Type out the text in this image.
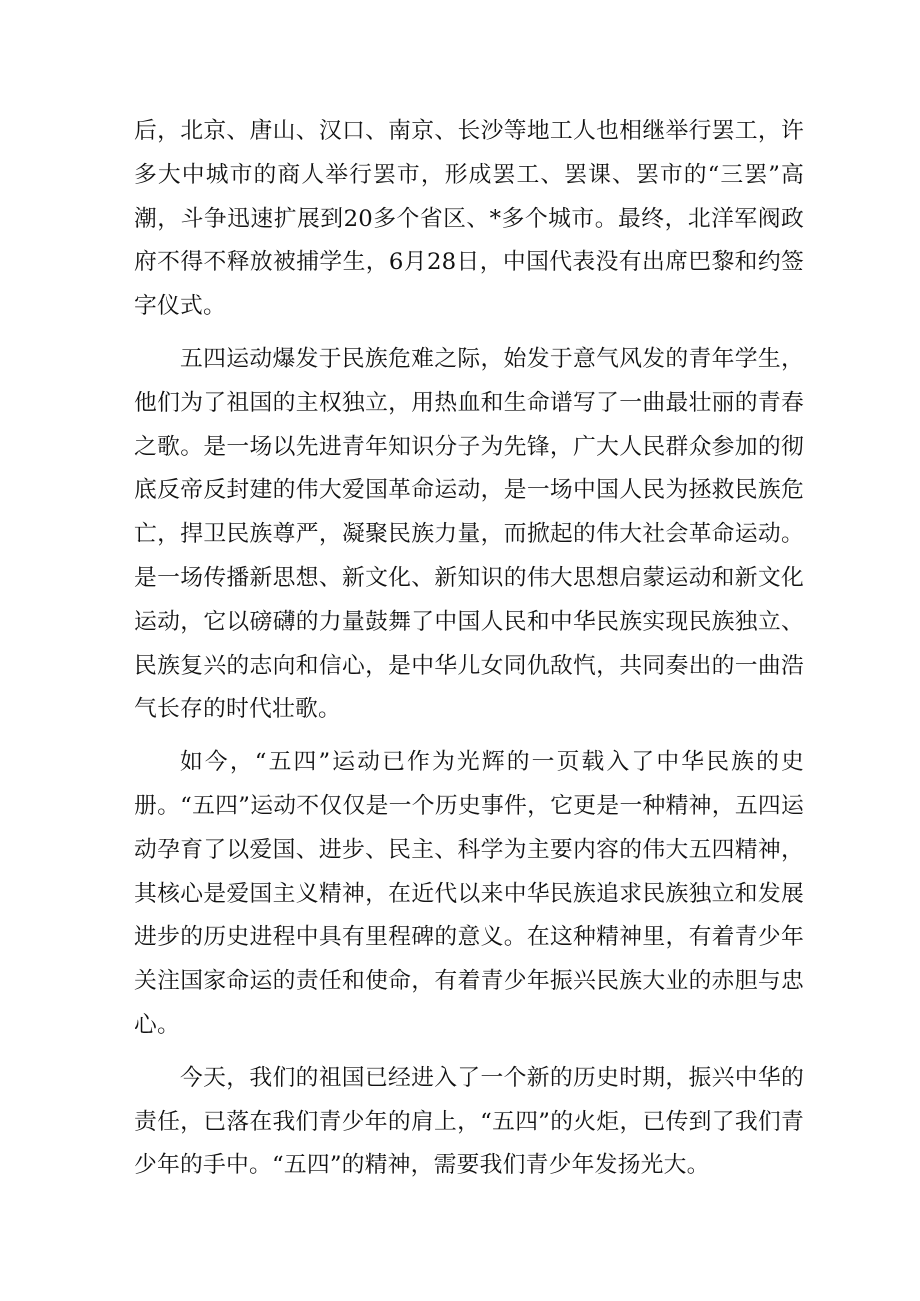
后，北京、唐山、汉口、南京、长沙等地工人也相继举行罢工，许多大中城市的商人举行罢市，形成罢工、罢课、罢市的“三罢”高潮，斗争迅速扩展到20多个省区、*多个城市。最终，北洋军阀政府不得不释放被捕学生，6月28日，中国代表没有出席巴黎和约签字仪式。

五四运动爆发于民族危难之际，始发于意气风发的青年学生，他们为了祖国的主权独立，用热血和生命谱写了一曲最壮丽的青春之歌。是一场以先进青年知识分子为先锋，广大人民群众参加的彻底反帝反封建的伟大爱国革命运动，是一场中国人民为拯救民族危亡，捍卫民族尊严，凝聚民族力量，而掀起的伟大社会革命运动。是一场传播新思想、新文化、新知识的伟大思想启蒙运动和新文化运动，它以磅礴的力量鼓舞了中国人民和中华民族实现民族独立、民族复兴的志向和信心，是中华儿女同仇敌忾，共同奏出的一曲浩气长存的时代壮歌。

如今，“五四”运动已作为光辉的一页载入了中华民族的史册。“五四”运动不仅仅是一个历史事件，它更是一种精神，五四运动孕育了以爱国、进步、民主、科学为主要内容的伟大五四精神，其核心是爱国主义精神，在近代以来中华民族追求民族独立和发展进步的历史进程中具有里程碑的意义。在这种精神里，有着青少年关注国家命运的责任和使命，有着青少年振兴民族大业的赤胆与忠心。

今天，我们的祖国已经进入了一个新的历史时期，振兴中华的责任，已落在我们青少年的肩上，“五四”的火炬，已传到了我们青少年的手中。“五四”的精神，需要我们青少年发扬光大。
